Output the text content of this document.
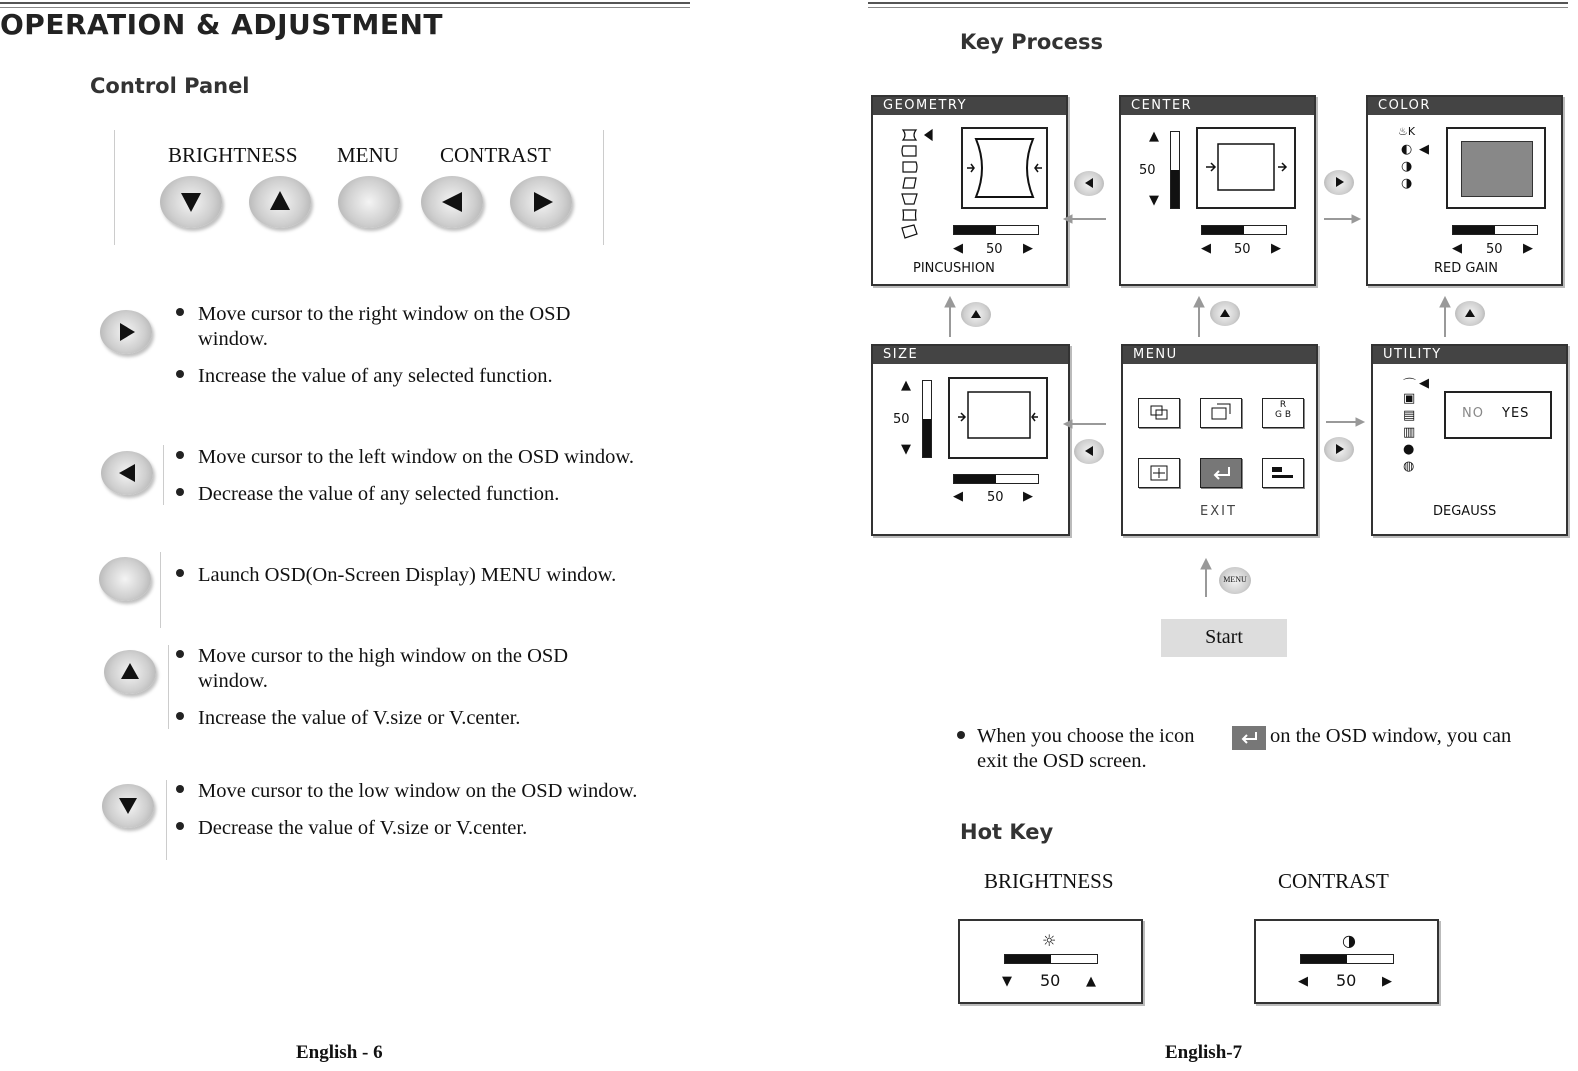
OPERATION & ADJUSTMENT
Control Panel
BRIGHTNESS MENU CONTRAST
Move cursor to the right window on the OSD
window.
Increase the value of any selected function.
Move cursor to the left window on the OSD window.
Decrease the value of any selected function.
Launch OSD(On-Screen Display) MENU window.
Move cursor to the high window on the OSD
window.
Increase the value of V.size or V.center.
Move cursor to the low window on the OSD window.
Decrease the value of V.size or V.center.
English - 6
Key Process
GEOMETRY
◀ 50 ▶
PINCUSHION
CENTER
▲
50
▼
◀ 50 ▶
COLOR
♨K
◐ ◀
◑
◑
◀ 50 ▶
RED GAIN
SIZE
▲
50
▼
◀ 50 ▶
MENU
R
G B
EXIT
UTILITY
⌒ ◀
▣
▤
▥
●
◍
NO YES
DEGAUSS
MENU
Start
When you choose the icon	on the OSD window, you can
exit the OSD screen.
Hot Key
BRIGHTNESS	CONTRAST
☼
▼ 50 ▲
◑
◀ 50 ▶
English-7
